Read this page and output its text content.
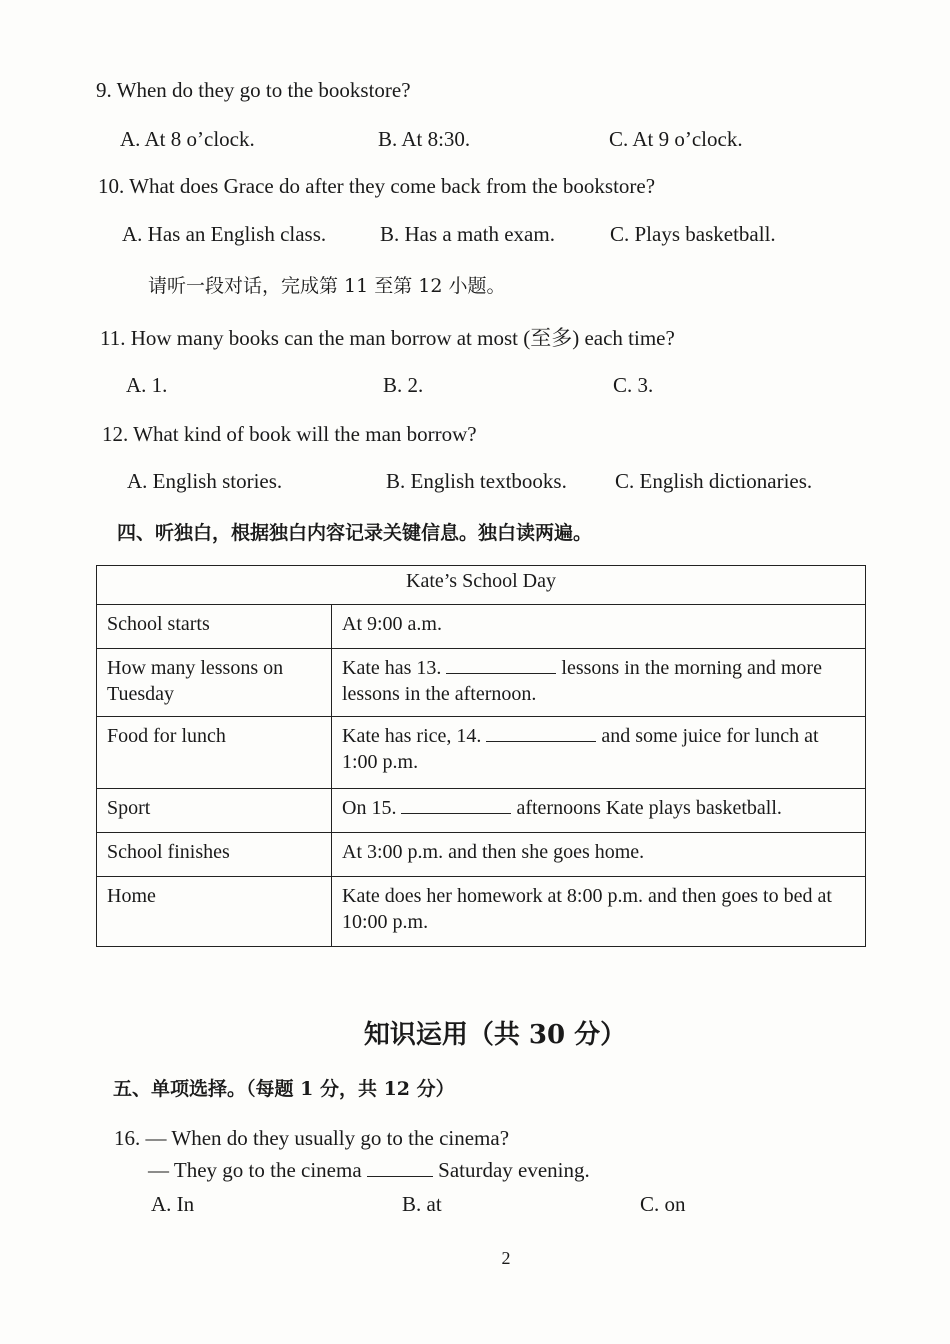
9. When do they go to the bookstore?
A. At 8 o’clock.	B. At 8:30.	C. At 9 o’clock.
10. What does Grace do after they come back from the bookstore?
A. Has an English class.	B. Has a math exam.	C. Plays basketball.
请听一段对话，完成第 11 至第 12 小题。
11. How many books can the man borrow at most (至多) each time?
A. 1.	B. 2.	C. 3.
12. What kind of book will the man borrow?
A. English stories.	B. English textbooks. C. English dictionaries.
四、听独白，根据独白内容记录关键信息。独白读两遍。
Kate’s School Day	
School starts	At 9:00 a.m.
How many lessons on Tuesday	Kate has 13. lessons in the morning and more lessons in the afternoon.
Food for lunch	Kate has rice, 14. and some juice for lunch at 1:00 p.m.
Sport	On 15. afternoons Kate plays basketball.
School finishes	At 3:00 p.m. and then she goes home.
Home	Kate does her homework at 8:00 p.m. and then goes to bed at 10:00 p.m.
知识运用（共 30 分）
五、单项选择。（每题 1 分，共 12 分）
16. — When do they usually go to the cinema?
— They go to the cinema	Saturday evening.
A. In	B. at	C. on
2
